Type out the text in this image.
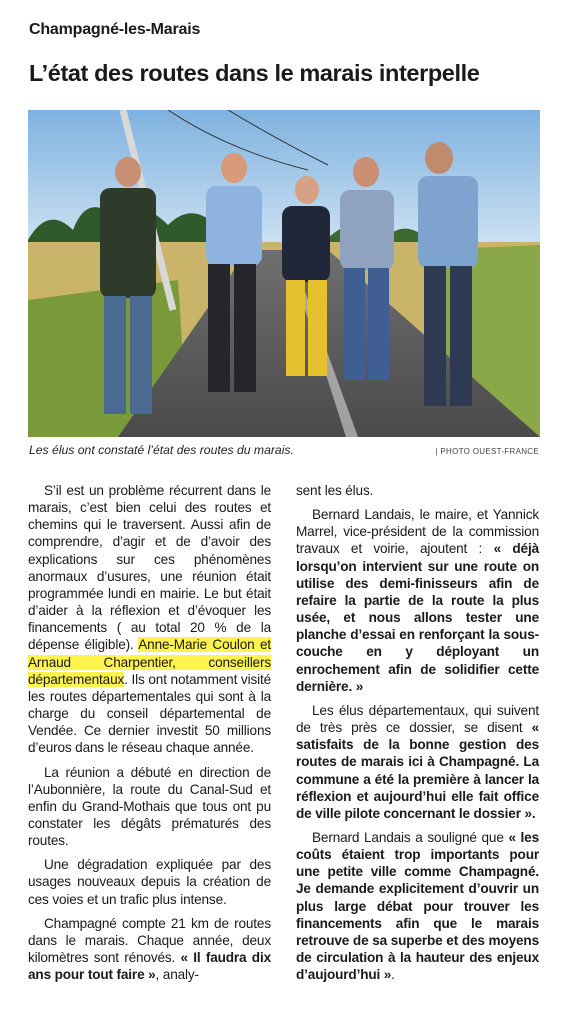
Champagné-les-Marais
L’état des routes dans le marais interpelle
Les élus ont constaté l’état des routes du marais.	| PHOTO OUEST-FRANCE

S’il est un problème récurrent dans le marais, c’est bien celui des routes et chemins qui le traversent. Aussi afin de comprendre, d’agir et de d’avoir des explications sur ces phénomènes anormaux d’usures, une réunion était programmée lundi en mairie. Le but était d’aider à la réflexion et d’évoquer les financements ( au total 20 % de la dépense éligible). Anne-Marie Coulon et Arnaud Charpentier, conseillers départementaux. Ils ont notamment visité les routes départementales qui sont à la charge du conseil départemental de Vendée. Ce dernier investit 50 millions d’euros dans le réseau chaque année.

La réunion a débuté en direction de l’Aubonnière, la route du Canal-Sud et enfin du Grand-Mothais que tous ont pu constater les dégâts prématurés des routes.

Une dégradation expliquée par des usages nouveaux depuis la création de ces voies et un trafic plus intense.

Champagné compte 21 km de routes dans le marais. Chaque année, deux kilomètres sont rénovés. « Il faudra dix ans pour tout faire », analy-

sent les élus.

Bernard Landais, le maire, et Yannick Marrel, vice-président de la commission travaux et voirie, ajoutent : « déjà lorsqu’on intervient sur une route on utilise des demi-finisseurs afin de refaire la partie de la route la plus usée, et nous allons tester une planche d’essai en renforçant la sous-couche en y déployant un enrochement afin de solidifier cette dernière. »

Les élus départementaux, qui suivent de très près ce dossier, se disent « satisfaits de la bonne gestion des routes de marais ici à Champagné. La commune a été la première à lancer la réflexion et aujourd’hui elle fait office de ville pilote concernant le dossier ».

Bernard Landais a souligné que « les coûts étaient trop importants pour une petite ville comme Champagné. Je demande explicitement d’ouvrir un plus large débat pour trouver les financements afin que le marais retrouve de sa superbe et des moyens de circulation à la hauteur des enjeux d’aujourd’hui ».
